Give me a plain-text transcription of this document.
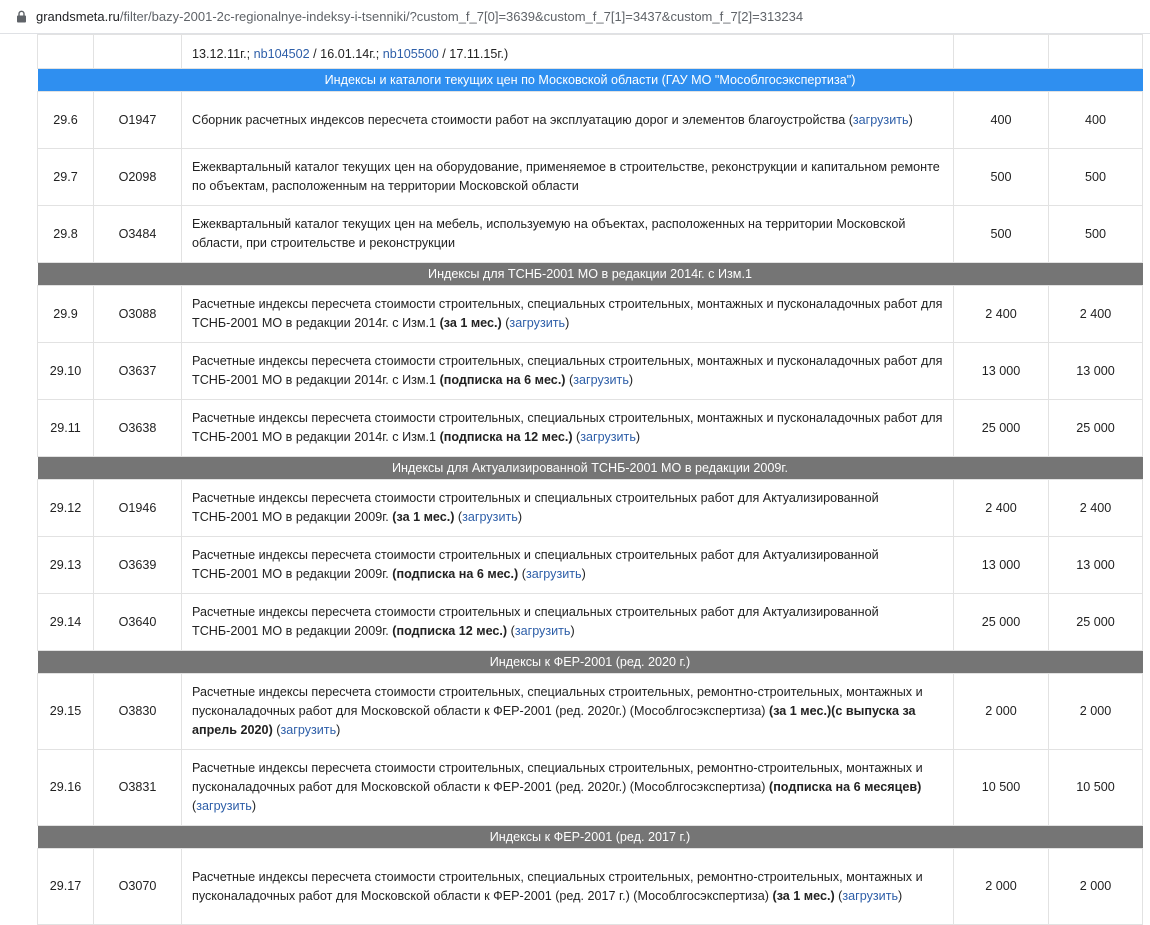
grandsmeta.ru /filter/bazy-2001-2c-regionalnye-indeksy-i-tsenniki/?custom_f_7[0]=3639&custom_f_7[1]=3437&custom_f_7[2]=313234
		13.12.11г.; nb104502 / 16.01.14г.; nb105500 / 17.11.15г.)		
Индексы и каталоги текущих цен по Московской области (ГАУ МО "Мособлгосэкспертиза")				
29.6	O1947	Сборник расчетных индексов пересчета стоимости работ на эксплуатацию дорог и элементов благоустройства (загрузить)	400	400
29.7	O2098	Ежеквартальный каталог текущих цен на оборудование, применяемое в строительстве, реконструкции и капитальном ремонте по объектам, расположенным на территории Московской области	500	500
29.8	O3484	Ежеквартальный каталог текущих цен на мебель, используемую на объектах, расположенных на территории Московской области, при строительстве и реконструкции	500	500
Индексы для ТСНБ-2001 МО в редакции 2014г. с Изм.1				
29.9	O3088	Расчетные индексы пересчета стоимости строительных, специальных строительных, монтажных и пусконаладочных работ для ТСНБ-2001 МО в редакции 2014г. с Изм.1 (за 1 мес.) (загрузить)	2 400	2 400
29.10	O3637	Расчетные индексы пересчета стоимости строительных, специальных строительных, монтажных и пусконаладочных работ для ТСНБ-2001 МО в редакции 2014г. с Изм.1 (подписка на 6 мес.) (загрузить)	13 000	13 000
29.11	O3638	Расчетные индексы пересчета стоимости строительных, специальных строительных, монтажных и пусконаладочных работ для ТСНБ-2001 МО в редакции 2014г. с Изм.1 (подписка на 12 мес.) (загрузить)	25 000	25 000
Индексы для Актуализированной ТСНБ-2001 МО в редакции 2009г.				
29.12	O1946	Расчетные индексы пересчета стоимости строительных и специальных строительных работ для Актуализированной ТСНБ-2001 МО в редакции 2009г. (за 1 мес.) (загрузить)	2 400	2 400
29.13	O3639	Расчетные индексы пересчета стоимости строительных и специальных строительных работ для Актуализированной ТСНБ-2001 МО в редакции 2009г. (подписка на 6 мес.) (загрузить)	13 000	13 000
29.14	O3640	Расчетные индексы пересчета стоимости строительных и специальных строительных работ для Актуализированной ТСНБ-2001 МО в редакции 2009г. (подписка 12 мес.) (загрузить)	25 000	25 000
Индексы к ФЕР-2001 (ред. 2020 г.)				
29.15	O3830	Расчетные индексы пересчета стоимости строительных, специальных строительных, ремонтно-строительных, монтажных и пусконаладочных работ для Московской области к ФЕР-2001 (ред. 2020г.) (Мособлгосэкспертиза) (за 1 мес.)(с выпуска за апрель 2020) (загрузить)	2 000	2 000
29.16	O3831	Расчетные индексы пересчета стоимости строительных, специальных строительных, ремонтно-строительных, монтажных и пусконаладочных работ для Московской области к ФЕР-2001 (ред. 2020г.) (Мособлгосэкспертиза) (подписка на 6 месяцев) (загрузить)	10 500	10 500
Индексы к ФЕР-2001 (ред. 2017 г.)				
29.17	O3070	Расчетные индексы пересчета стоимости строительных, специальных строительных, ремонтно-строительных, монтажных и пусконаладочных работ для Московской области к ФЕР-2001 (ред. 2017 г.) (Мособлгосэкспертиза) (за 1 мес.) (загрузить)	2 000	2 000
